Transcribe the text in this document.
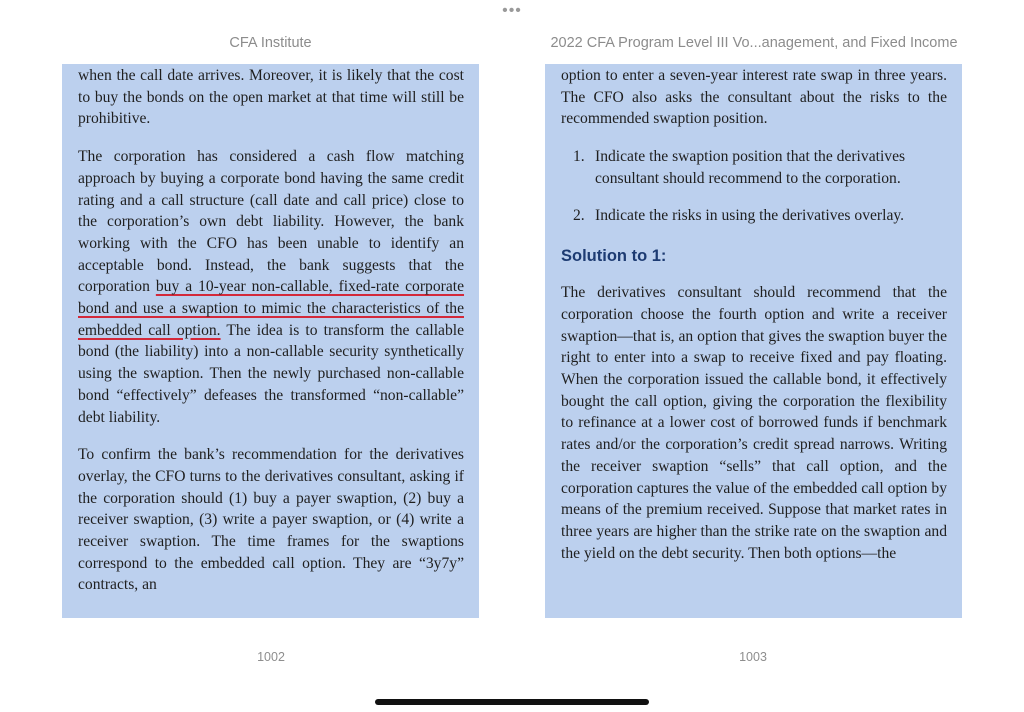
•••
CFA Institute	2022 CFA Program Level III Vo...anagement, and Fixed Income

when the call date arrives. Moreover, it is likely that the cost to buy the bonds on the open market at that time will still be prohibitive.

The corporation has considered a cash flow matching approach by buying a corporate bond having the same credit rating and a call structure (call date and call price) close to the corporation’s own debt liability. However, the bank working with the CFO has been unable to identify an acceptable bond. Instead, the bank suggests that the corporation buy a 10-year non-callable, fixed-rate corporate bond and use a swaption to mimic the characteristics of the embedded call option. The idea is to transform the callable bond (the liability) into a non-callable security synthetically using the swaption. Then the newly purchased non-callable bond “effectively” defeases the transformed “non-callable” debt liability.

To confirm the bank’s recommendation for the derivatives overlay, the CFO turns to the derivatives consultant, asking if the corporation should (1) buy a payer swaption, (2) buy a receiver swaption, (3) write a payer swaption, or (4) write a receiver swaption. The time frames for the swaptions correspond to the embedded call option. They are “3y7y” contracts, an

option to enter a seven-year interest rate swap in three years. The CFO also asks the consultant about the risks to the recommended swaption position.

1. Indicate the swaption position that the derivatives consultant should recommend to the corporation.
2. Indicate the risks in using the derivatives overlay.

Solution to 1:

The derivatives consultant should recommend that the corporation choose the fourth option and write a receiver swaption—that is, an option that gives the swaption buyer the right to enter into a swap to receive fixed and pay floating. When the corporation issued the callable bond, it effectively bought the call option, giving the corporation the flexibility to refinance at a lower cost of borrowed funds if benchmark rates and/or the corporation’s credit spread narrows. Writing the receiver swaption “sells” that call option, and the corporation captures the value of the embedded call option by means of the premium received. Suppose that market rates in three years are higher than the strike rate on the swaption and the yield on the debt security. Then both options—the

1002	1003
